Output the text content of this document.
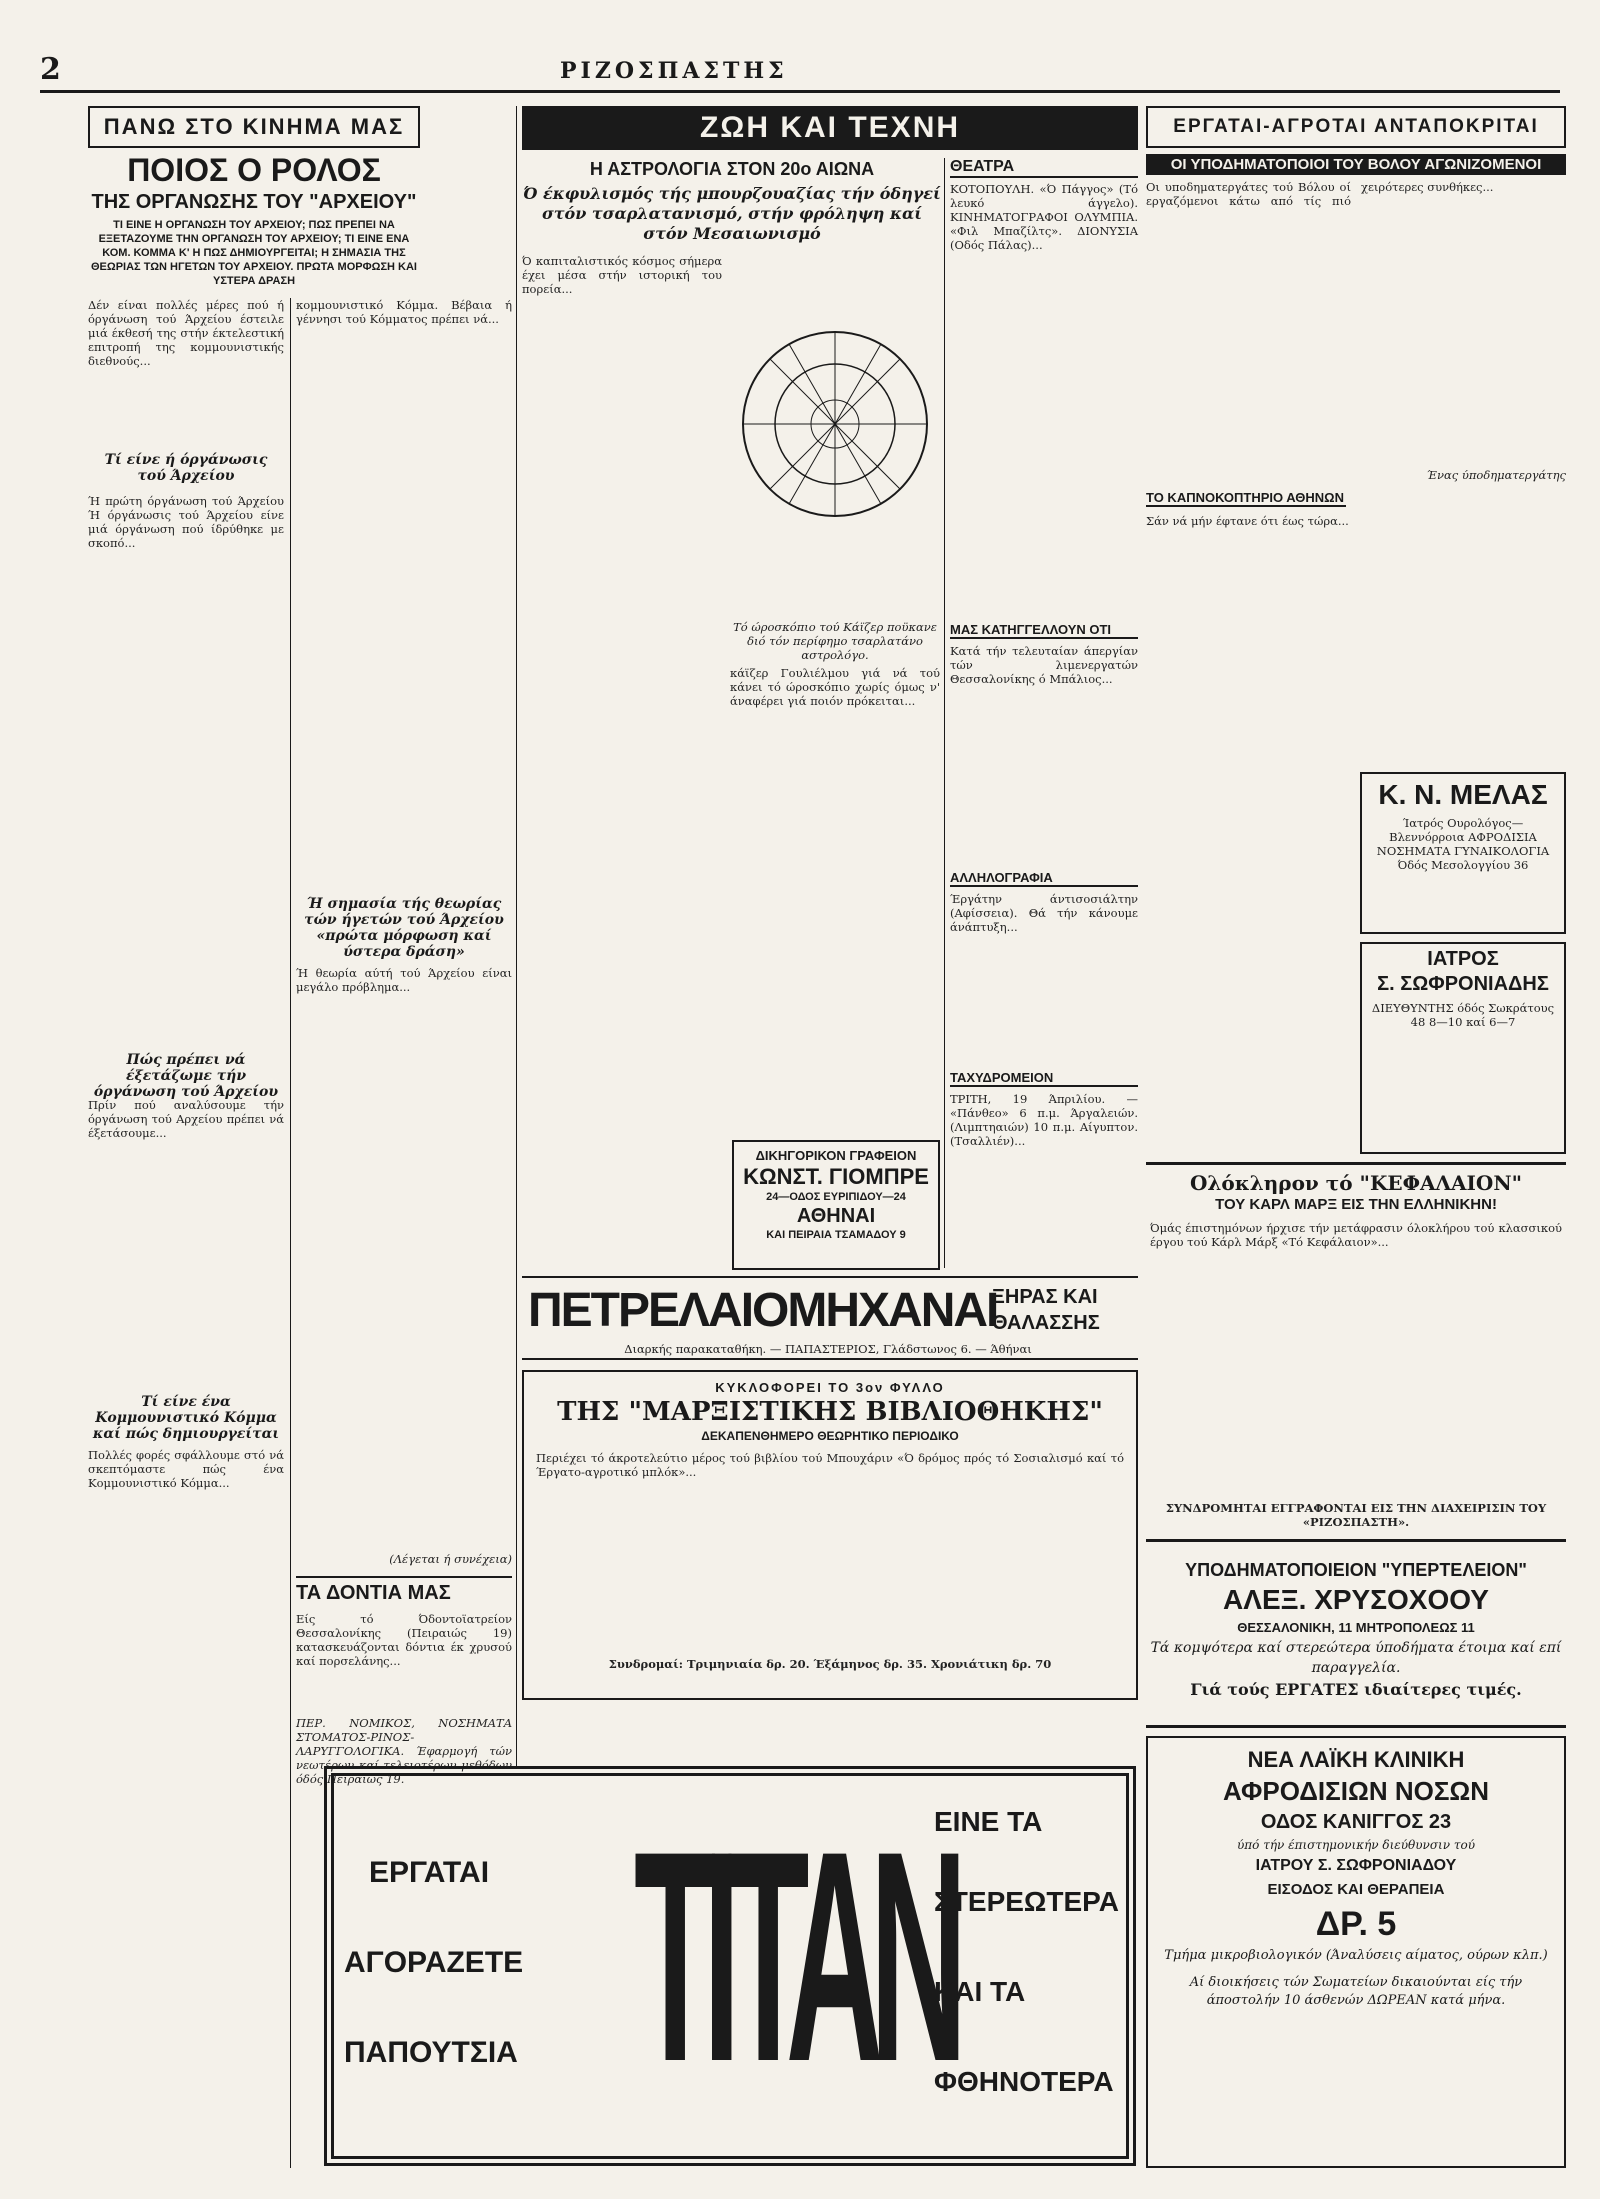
2	ΡΙΖΟΣΠΑΣΤΗΣ
ΠΑΝΩ ΣΤΟ ΚΙΝΗΜΑ ΜΑΣ
ΠΟΙΟΣ Ο ΡΟΛΟΣ
ΤΗΣ ΟΡΓΑΝΩΣΗΣ ΤΟΥ "ΑΡΧΕΙΟΥ"
ΤΙ ΕΙΝΕ Η ΟΡΓΑΝΩΣΗ ΤΟΥ ΑΡΧΕΙΟΥ; ΠΩΣ ΠΡΕΠΕΙ ΝΑ ΕΞΕΤΑΖΟΥΜΕ ΤΗΝ ΟΡΓΑΝΩΣΗ ΤΟΥ ΑΡΧΕΙΟΥ; ΤΙ ΕΙΝΕ ΕΝΑ ΚΟΜ. ΚΟΜΜΑ Κ' Η ΠΩΣ ΔΗΜΙΟΥΡΓΕΙΤΑΙ; Η ΣΗΜΑΣΙΑ ΤΗΣ ΘΕΩΡΙΑΣ ΤΩΝ ΗΓΕΤΩΝ ΤΟΥ ΑΡΧΕΙΟΥ. ΠΡΩΤΑ ΜΟΡΦΩΣΗ ΚΑΙ ΥΣΤΕΡΑ ΔΡΑΣΗ
Δέν είναι πολλές μέρες πού ή όργάνωση τού Άρχείου έστειλε μιά έκθεσή της στήν έκτελεστική επιτροπή της κομμουνιστικής διεθνούς...
Τί είνε ή όργάνωσις τού Άρχείου
Ή πρώτη όργάνωση τού Άρχείου Ή όργάνωσις τού Άρχείου είνε μιά όργάνωση πού ίδρύθηκε με σκοπό...
Πώς πρέπει νά έξετάζωμε τήν όργάνωση τού Άρχείου
Πρίν πού αναλύσουμε τήν όργάνωση τού Αρχείου πρέπει νά έξετάσουμε...
Τί είνε ένα Κομμουνιστικό Κόμμα καί πώς δημιουργείται
Πολλές φορές σφάλλουμε στό νά σκεπτόμαστε πώς ένα Κομμουνιστικό Κόμμα...
κομμουνιστικό Κόμμα. Βέβαια ή γέννησι τού Κόμματος πρέπει νά...
Ή σημασία τής θεωρίας τών ήγετών τού Άρχείου «πρώτα μόρφωση καί ύστερα δράση»
Ή θεωρία αύτή τού Άρχείου είναι μεγάλο πρόβλημα...
(Λέγεται ή συνέχεια)
ΤΑ ΔΟΝΤΙΑ ΜΑΣ
Είς τό Όδοντοϊατρείον Θεσσαλονίκης (Πειραιώς 19) κατασκευάζονται δόντια έκ χρυσού καί πορσελάνης...
ΠΕΡ. ΝΟΜΙΚΟΣ, ΝΟΣΗΜΑΤΑ ΣΤΟΜΑΤΟΣ-ΡΙΝΟΣ-ΛΑΡΥΓΓΟΛΟΓΙΚΑ. Έφαρμογή τών νεωτέρων καί τελειοτέρων μεθόδων όδός Πειραιώς 19.
ΖΩΗ ΚΑΙ ΤΕΧΝΗ
Η ΑΣΤΡΟΛΟΓΙΑ ΣΤΟΝ 20ο ΑΙΩΝΑ
Ό έκφυλισμός τής μπουρζουαζίας τήν όδηγεί στόν τσαρλατανισμό, στήν φρόληψη καί στόν Μεσαιωνισμό
Ό καπιταλιστικός κόσμος σήμερα έχει μέσα στήν ιστορική του πορεία...
Τό ώροσκόπιο τού Κάϊζερ ποϋκανε διό τόν περίφημο τσαρλατάνο αστρολόγο.
κάϊζερ Γουλιέλμου γιά νά τού κάνει τό ώροσκόπιο χωρίς όμως ν' άναφέρει γιά ποιόν πρόκειται...
ΔΙΚΗΓΟΡΙΚΟΝ ΓΡΑΦΕΙΟΝ
ΚΩΝΣΤ. ΓΙΟΜΠΡΕ
24—ΟΔΟΣ ΕΥΡΙΠΙΔΟΥ—24
ΑΘΗΝΑΙ
ΚΑΙ ΠΕΙΡΑΙΑ ΤΣΑΜΑΔΟΥ 9
ΘΕΑΤΡΑ
ΚΟΤΟΠΟΥΛΗ. «Ό Πάγγος» (Τό λευκό άγγελο). ΚΙΝΗΜΑΤΟΓΡΑΦΟΙ ΟΛΥΜΠΙΑ. «Φιλ Μπαζίλτς». ΔΙΟΝΥΣΙΑ (Οδός Πάλας)...
ΜΑΣ ΚΑΤΗΓΓΕΛΛΟΥΝ ΟΤΙ
Κατά τήν τελευταίαν άπεργίαν τών λιμενεργατών Θεσσαλονίκης ό Μπάλιος...
ΑΛΛΗΛΟΓΡΑΦΙΑ
Έργάτην άντισοσιάλτην (Αφίσσεια). Θά τήν κάνουμε άνάπτυξη...
ΤΑΧΥΔΡΟΜΕΙΟΝ
ΤΡΙΤΗ, 19 Άπριλίου. — «Πάνθεο» 6 π.μ. Άργαλειών. (Λιμπτηαιών) 10 π.μ. Αίγυπτον. (Τσαλλιέν)...
ΠΕΤΡΕΛΑΙΟΜΗΧΑΝΑΙ
ΞΗΡΑΣ ΚΑΙ
ΘΑΛΑΣΣΗΣ
Διαρκής παρακαταθήκη. — ΠΑΠΑΣΤΕΡΙΟΣ, Γλάδστωνος 6. — Άθήναι
ΚΥΚΛΟΦΟΡΕΙ ΤΟ 3ον ΦΥΛΛΟ
ΤΗΣ "ΜΑΡΞΙΣΤΙΚΗΣ ΒΙΒΛΙΟΘΗΚΗΣ"
ΔΕΚΑΠΕΝΘΗΜΕΡΟ ΘΕΩΡΗΤΙΚΟ ΠΕΡΙΟΔΙΚΟ
Περιέχει τό άκροτελεύτιο μέρος τού βιβλίου τού Μπουχάριν «Ό δρόμος πρός τό Σοσιαλισμό καί τό Έργατο-αγροτικό μπλόκ»...
Συνδρομαί: Τριμηνιαία δρ. 20. Έξάμηνος δρ. 35. Χρονιάτικη δρ. 70
ΕΡΓΑΤΑΙ-ΑΓΡΟΤΑΙ ΑΝΤΑΠΟΚΡΙΤΑΙ
ΟΙ ΥΠΟΔΗΜΑΤΟΠΟΙΟΙ ΤΟΥ ΒΟΛΟΥ ΑΓΩΝΙΖΟΜΕΝΟΙ
Οι υποδηματεργάτες τού Βόλου οί εργαζόμενοι κάτω από τίς πιό χειρότερες συνθήκες...
Ένας ύποδηματεργάτης
ΤΟ ΚΑΠΝΟΚΟΠΤΗΡΙΟ ΑΘΗΝΩΝ
Σάν νά μήν έφτανε ότι έως τώρα...
Κ. Ν. ΜΕΛΑΣ
Ίατρός Ουρολόγος—Βλεννόρροια ΑΦΡΟΔΙΣΙΑ ΝΟΣΗΜΑΤΑ ΓΥΝΑΙΚΟΛΟΓΙΑ Όδός Μεσολογγίου 36
ΙΑΤΡΟΣ
Σ. ΣΩΦΡΟΝΙΑΔΗΣ
ΔΙΕΥΘΥΝΤΗΣ όδός Σωκράτους 48 8—10 καί 6—7
Ολόκληρον τό "ΚΕΦΑΛΑΙΟΝ"
ΤΟΥ ΚΑΡΛ ΜΑΡΞ ΕΙΣ ΤΗΝ ΕΛΛΗΝΙΚΗΝ!
Όμάς έπιστημόνων ήρχισε τήν μετάφρασιν όλοκλήρου τού κλασσικού έργου τού Κάρλ Μάρξ «Τό Κεφάλαιον»...
ΣΥΝΔΡΟΜΗΤΑΙ ΕΓΓΡΑΦΟΝΤΑΙ ΕΙΣ ΤΗΝ ΔΙΑΧΕΙΡΙΣΙΝ ΤΟΥ «ΡΙΖΟΣΠΑΣΤΗ».
ΥΠΟΔΗΜΑΤΟΠΟΙΕΙΟΝ "ΥΠΕΡΤΕΛΕΙΟΝ"
ΑΛΕΞ. ΧΡΥΣΟΧΟΟΥ
ΘΕΣΣΑΛΟΝΙΚΗ, 11 ΜΗΤΡΟΠΟΛΕΩΣ 11
Τά κομψότερα καί στερεώτερα ύποδήματα έτοιμα καί επί παραγγελία.
Γιά τούς ΕΡΓΑΤΕΣ ιδιαίτερες τιμές.
ΕΡΓΑΤΑΙ
ΑΓΟΡΑΖΕΤΕ
ΠΑΠΟΥΤΣΙΑ ΤΙΤΑΝ
ΕΙΝΕ ΤΑ
ΣΤΕΡΕΩΤΕΡΑ
ΚΑΙ ΤΑ
ΦΘΗΝΟΤΕΡΑ
ΝΕΑ ΛΑΪΚΗ ΚΛΙΝΙΚΗ
ΑΦΡΟΔΙΣΙΩΝ ΝΟΣΩΝ
ΟΔΟΣ ΚΑΝΙΓΓΟΣ 23
ύπό τήν έπιστημονικήν διεύθυνσιν τού
ΙΑΤΡΟΥ Σ. ΣΩΦΡΟΝΙΑΔΟΥ
ΕΙΣΟΔΟΣ ΚΑΙ ΘΕΡΑΠΕΙΑ
ΔΡ. 5
Τμήμα μικροβιολογικόν (Άναλύσεις αίματος, ούρων κλπ.)
Αί διοικήσεις τών Σωματείων δικαιούνται είς τήν άποστολήν 10 άσθενών ΔΩΡΕΑΝ κατά μήνα.
